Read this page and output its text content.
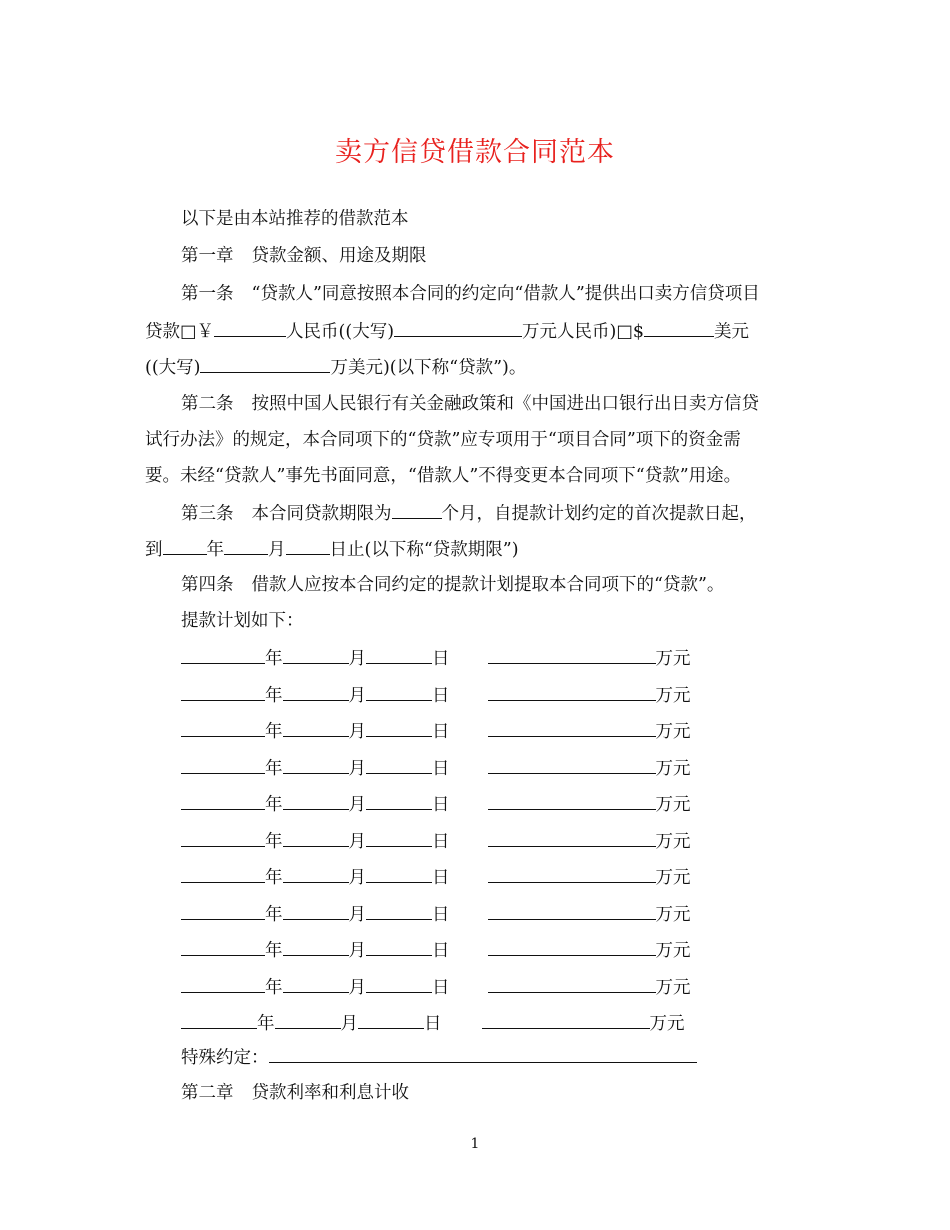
卖方信贷借款合同范本
以下是由本站推荐的借款范本
第一章 贷款金额、用途及期限
第一条 “贷款人”同意按照本合同的约定向“借款人”提供出口卖方信贷项目
贷款□￥	人民币((大写)	万元人民币)□$	美元
((大写)	万美元)(以下称“贷款”)。
第二条 按照中国人民银行有关金融政策和《中国进出口银行出日卖方信贷
试行办法》的规定，本合同项下的“贷款”应专项用于“项目合同”项下的资金需
要。未经“贷款人”事先书面同意，“借款人”不得变更本合同项下“贷款”用途。
第三条 本合同贷款期限为	个月，自提款计划约定的首次提款日起，
到	年	月	日止(以下称“贷款期限”)
第四条 借款人应按本合同约定的提款计划提取本合同项下的“贷款”。
提款计划如下：
年	月	日	万元
年	月	日	万元
年	月	日	万元
年	月	日	万元
年	月	日	万元
年	月	日	万元
年	月	日	万元
年	月	日	万元
年	月	日	万元
年	月	日	万元
年	月	日	万元
特殊约定：
第二章 贷款利率和利息计收
1
